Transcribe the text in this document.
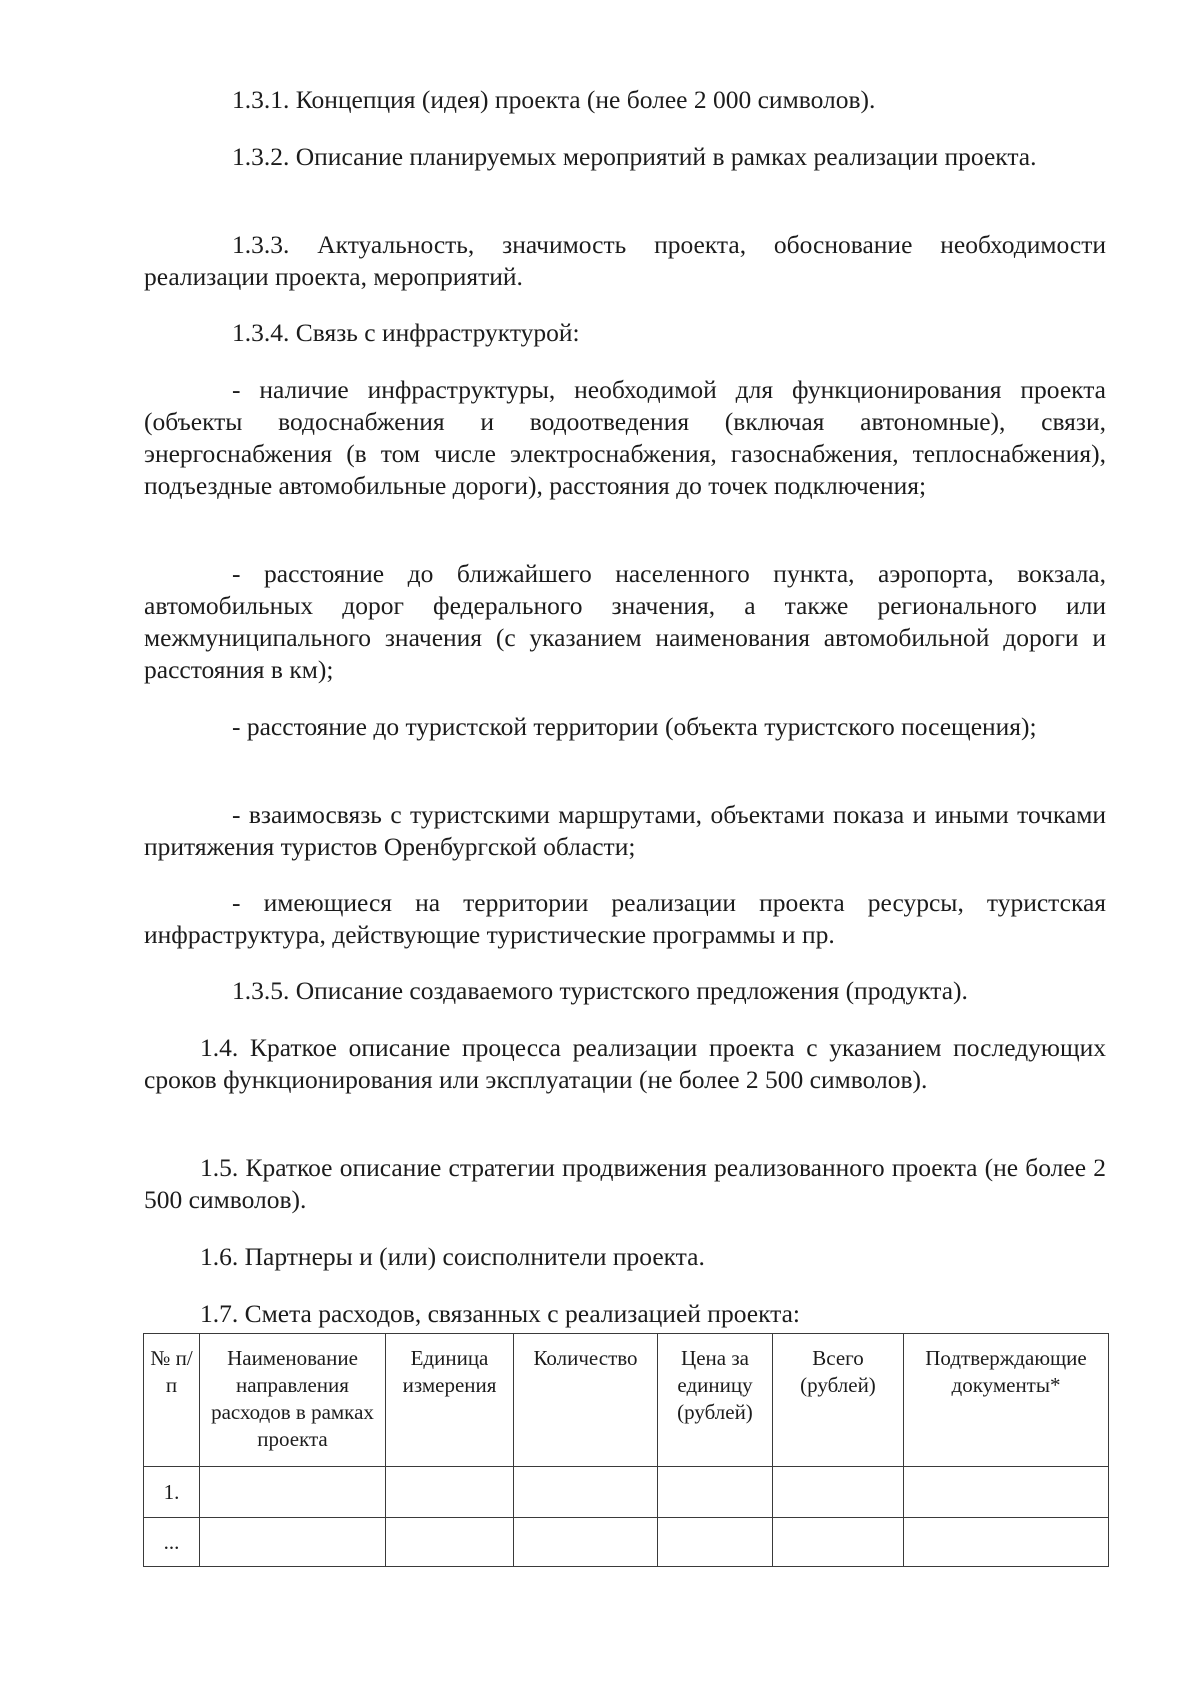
1.3.1. Концепция (идея) проекта (не более 2 000 символов).

1.3.2. Описание планируемых мероприятий в рамках реализации проекта.

1.3.3. Актуальность, значимость проекта, обоснование необходимости реализации проекта, мероприятий.

1.3.4. Связь с инфраструктурой:

- наличие инфраструктуры, необходимой для функционирования проекта (объекты водоснабжения и водоотведения (включая автономные), связи, энергоснабжения (в том числе электроснабжения, газоснабжения, теплоснабжения), подъездные автомобильные дороги), расстояния до точек подключения;

- расстояние до ближайшего населенного пункта, аэропорта, вокзала, автомобильных дорог федерального значения, а также регионального или межмуниципального значения (с указанием наименования автомобильной дороги и расстояния в км);

- расстояние до туристской территории (объекта туристского посещения);

- взаимосвязь с туристскими маршрутами, объектами показа и иными точками притяжения туристов Оренбургской области;

- имеющиеся на территории реализации проекта ресурсы, туристская инфраструктура, действующие туристические программы и пр.

1.3.5. Описание создаваемого туристского предложения (продукта).

1.4. Краткое описание процесса реализации проекта с указанием последующих сроков функционирования или эксплуатации (не более 2 500 символов).

1.5. Краткое описание стратегии продвижения реализованного проекта (не более 2 500 символов).

1.6. Партнеры и (или) соисполнители проекта.

1.7. Смета расходов, связанных с реализацией проекта:

№ п/п	Наименование направления расходов в рамках проекта	Единица измерения	Количество	Цена за единицу (рублей)	Всего (рублей)	Подтверждающие документы*
1.						
...						
